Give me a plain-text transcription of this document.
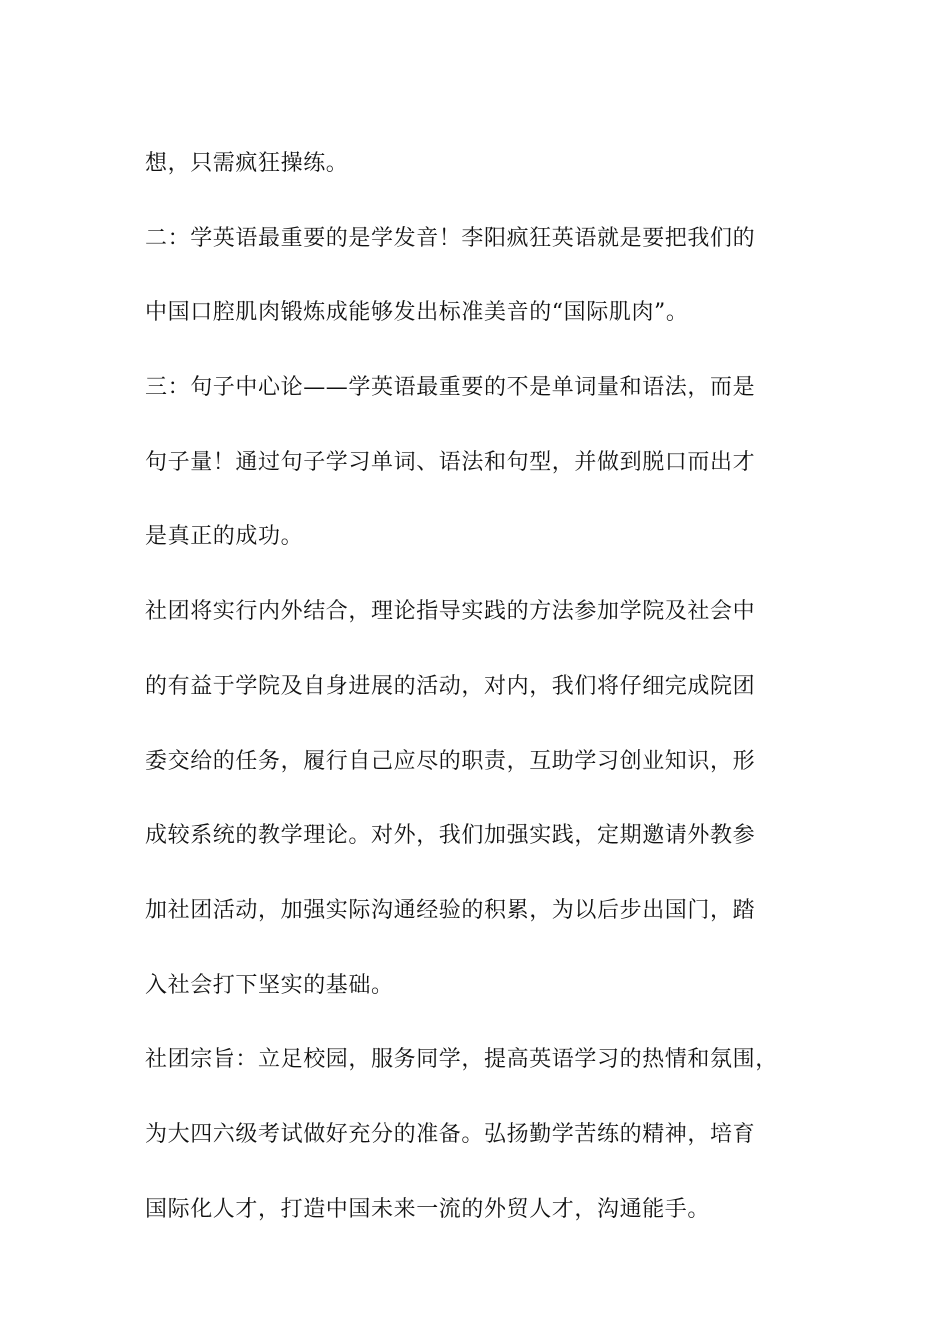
想，只需疯狂操练。
二：学英语最重要的是学发音！李阳疯狂英语就是要把我们的
中国口腔肌肉锻炼成能够发出标准美音的“国际肌肉”。
三：句子中心论——学英语最重要的不是单词量和语法，而是
句子量！通过句子学习单词、语法和句型，并做到脱口而出才
是真正的成功。
社团将实行内外结合，理论指导实践的方法参加学院及社会中
的有益于学院及自身进展的活动，对内，我们将仔细完成院团
委交给的任务，履行自己应尽的职责，互助学习创业知识，形
成较系统的教学理论。对外，我们加强实践，定期邀请外教参
加社团活动，加强实际沟通经验的积累，为以后步出国门，踏
入社会打下坚实的基础。
社团宗旨：立足校园，服务同学，提高英语学习的热情和氛围，
为大四六级考试做好充分的准备。弘扬勤学苦练的精神，培育
国际化人才，打造中国未来一流的外贸人才，沟通能手。
